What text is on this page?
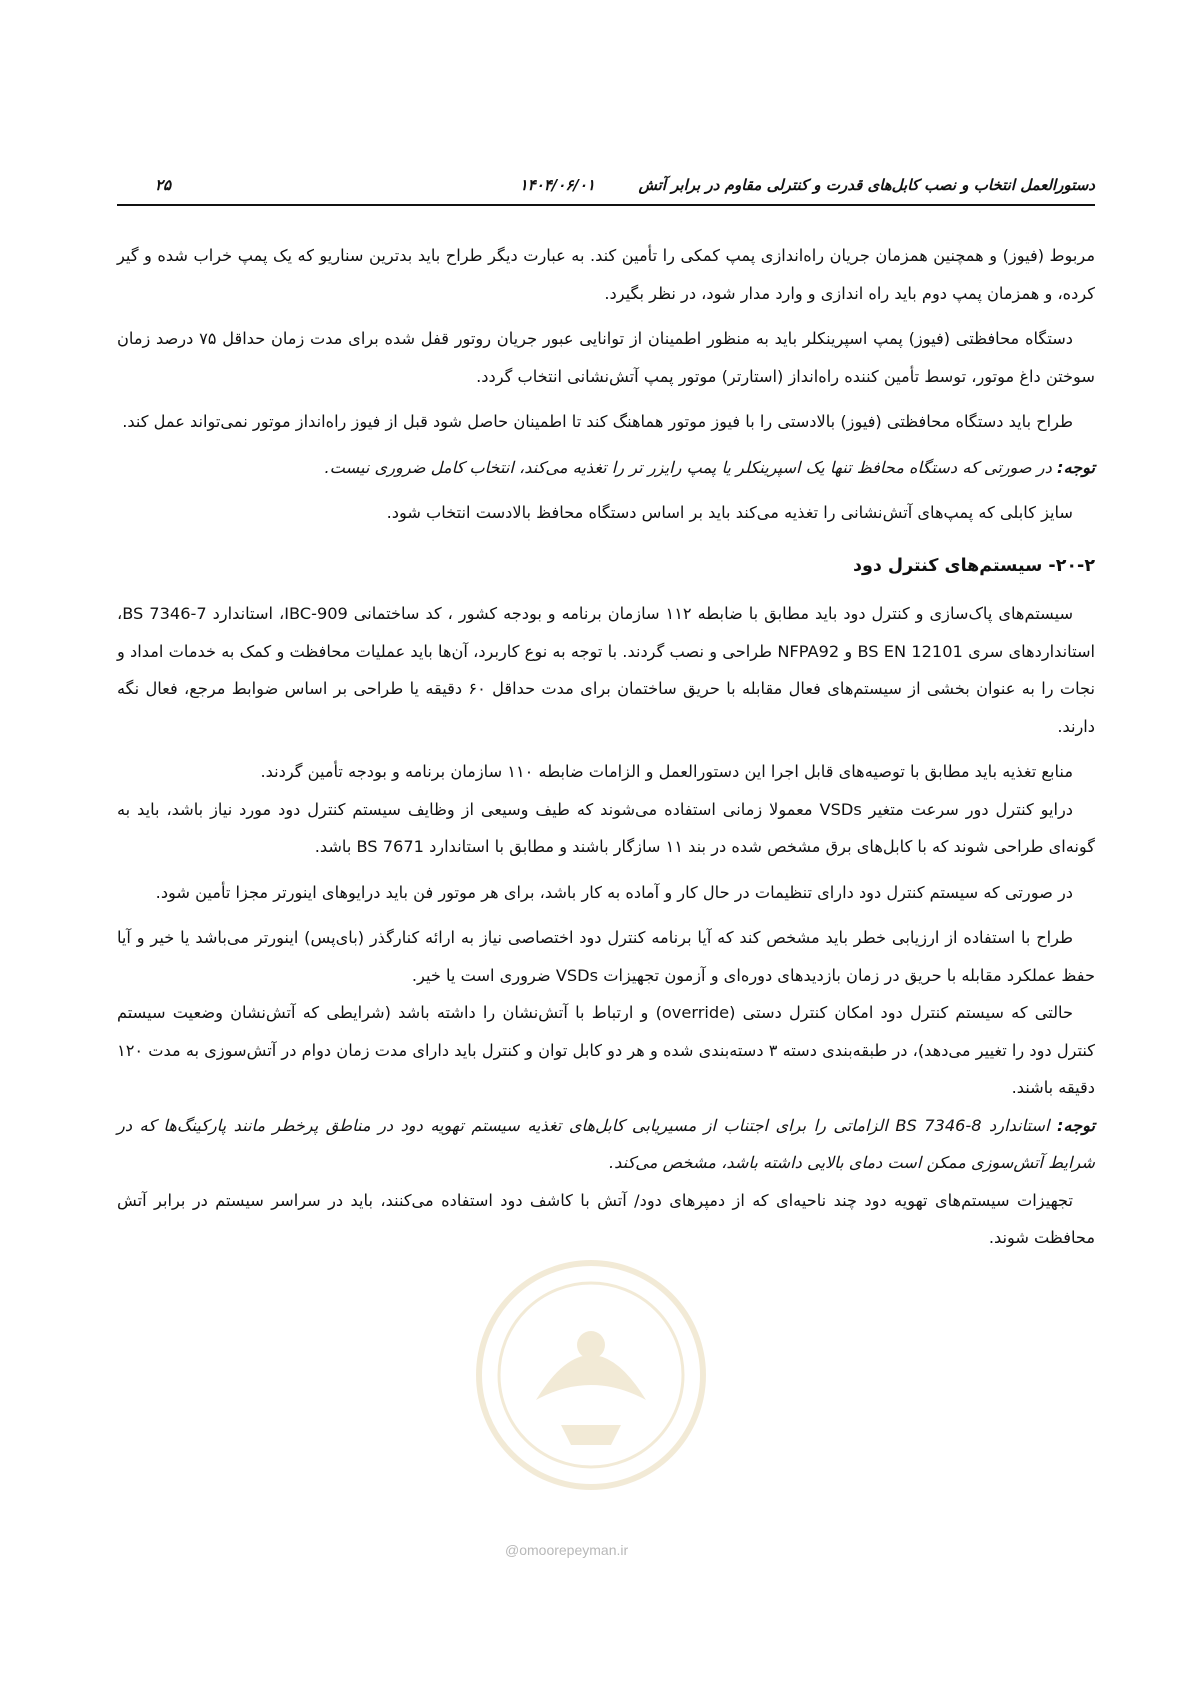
دستورالعمل انتخاب و نصب کابل‌های قدرت و کنترلی مقاوم در برابر آتش
۱۴۰۴/۰۶/۰۱
۲۵
@omoorepeyman.ir

مربوط (فیوز) و همچنین همزمان جریان راه‌اندازی پمپ کمکی را تأمین کند. به عبارت دیگر طراح باید بدترین سناریو که یک پمپ خراب شده و گیر کرده، و همزمان پمپ دوم باید راه اندازی و وارد مدار شود، در نظر بگیرد.

دستگاه محافظتی (فیوز) پمپ اسپرینکلر باید به منظور اطمینان از توانایی عبور جریان روتور قفل شده برای مدت زمان حداقل ۷۵ درصد زمان سوختن داغ موتور، توسط تأمین کننده راه‌انداز (استارتر) موتور پمپ آتش‌نشانی انتخاب گردد.

طراح باید دستگاه محافظتی (فیوز) بالادستی را با فیوز موتور هماهنگ کند تا اطمینان حاصل شود قبل از فیوز راه‌انداز موتور نمی‌تواند عمل کند.

توجه: در صورتی که دستگاه محافظ تنها یک اسپرینکلر یا پمپ رایزر تر را تغذیه می‌کند، انتخاب کامل ضروری نیست.

سایز کابلی که پمپ‌های آتش‌نشانی را تغذیه می‌کند باید بر اساس دستگاه محافظ بالادست انتخاب شود.

۲۰-۲- سیستم‌های کنترل دود

سیستم‌های پاک‌سازی و کنترل دود باید مطابق با ضابطه ۱۱۲ سازمان برنامه و بودجه کشور ، کد ساختمانی IBC-909، استاندارد BS 7346-7، استانداردهای سری BS EN 12101 و NFPA92 طراحی و نصب گردند. با توجه به نوع کاربرد، آن‌ها باید عملیات محافظت و کمک به خدمات امداد و نجات را به عنوان بخشی از سیستم‌های فعال مقابله با حریق ساختمان برای مدت حداقل ۶۰ دقیقه یا طراحی بر اساس ضوابط مرجع، فعال نگه دارند.

منابع تغذیه باید مطابق با توصیه‌های قابل اجرا این دستورالعمل و الزامات ضابطه ۱۱۰ سازمان برنامه و بودجه تأمین گردند.

درایو کنترل دور سرعت متغیر VSDs معمولا زمانی استفاده می‌شوند که طیف وسیعی از وظایف سیستم کنترل دود مورد نیاز باشد، باید به گونه‌ای طراحی شوند که با کابل‌های برق مشخص شده در بند ۱۱ سازگار باشند و مطابق با استاندارد BS 7671 باشد.

در صورتی که سیستم کنترل دود دارای تنظیمات در حال کار و آماده به کار باشد، برای هر موتور فن باید درایوهای اینورتر مجزا تأمین شود.

طراح با استفاده از ارزیابی خطر باید مشخص کند که آیا برنامه کنترل دود اختصاصی نیاز به ارائه کنارگذر (بای‌پس) اینورتر می‌باشد یا خیر و آیا حفظ عملکرد مقابله با حریق در زمان بازدیدهای دوره‌ای و آزمون تجهیزات VSDs ضروری است یا خیر.

حالتی که سیستم کنترل دود امکان کنترل دستی (override) و ارتباط با آتش‌نشان را داشته باشد (شرایطی که آتش‌نشان وضعیت سیستم کنترل دود را تغییر می‌دهد)، در طبقه‌بندی دسته ۳ دسته‌بندی شده و هر دو کابل توان و کنترل باید دارای مدت زمان دوام در آتش‌سوزی به مدت ۱۲۰ دقیقه باشند.

توجه: استاندارد BS 7346-8 الزاماتی را برای اجتناب از مسیریابی کابل‌های تغذیه سیستم تهویه دود در مناطق پرخطر مانند پارکینگ‌ها که در شرایط آتش‌سوزی ممکن است دمای بالایی داشته باشد، مشخص می‌کند.

تجهیزات سیستم‌های تهویه دود چند ناحیه‌ای که از دمپرهای دود/ آتش با کاشف دود استفاده می‌کنند، باید در سراسر سیستم در برابر آتش محافظت شوند.
